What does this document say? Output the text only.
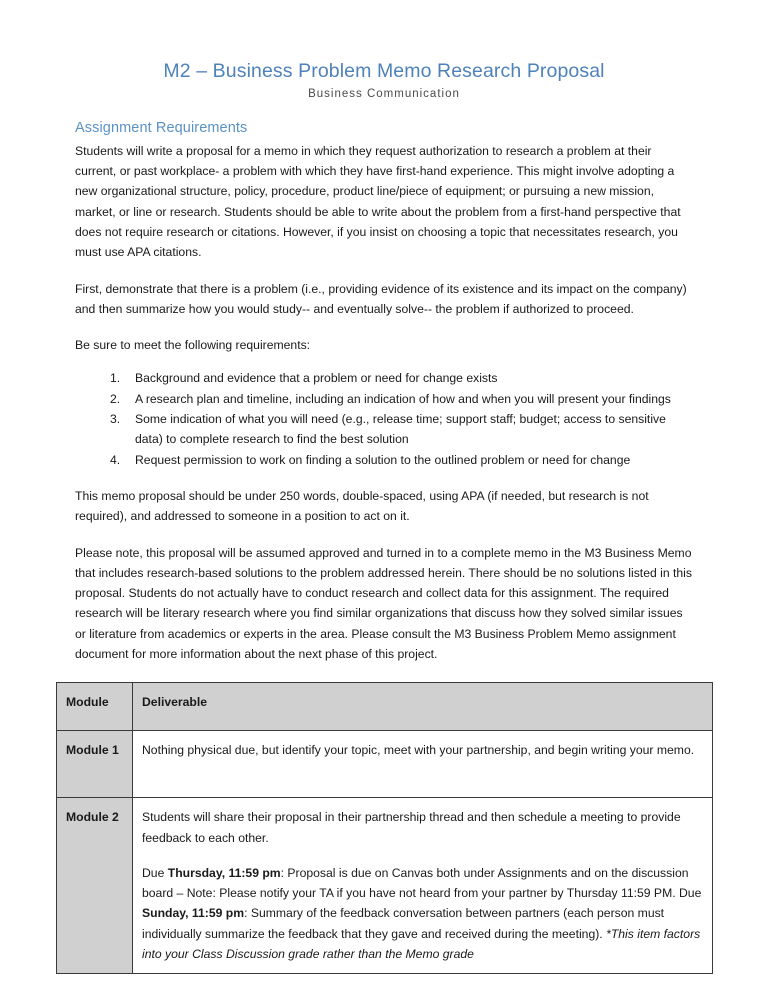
M2 – Business Problem Memo Research Proposal
Business Communication
Assignment Requirements

Students will write a proposal for a memo in which they request authorization to research a problem at their current, or past workplace- a problem with which they have first-hand experience. This might involve adopting a new organizational structure, policy, procedure, product line/piece of equipment; or pursuing a new mission, market, or line or research. Students should be able to write about the problem from a first-hand perspective that does not require research or citations. However, if you insist on choosing a topic that necessitates research, you must use APA citations.

First, demonstrate that there is a problem (i.e., providing evidence of its existence and its impact on the company) and then summarize how you would study-- and eventually solve-- the problem if authorized to proceed.

Be sure to meet the following requirements:

Background and evidence that a problem or need for change exists
A research plan and timeline, including an indication of how and when you will present your findings
Some indication of what you will need (e.g., release time; support staff; budget; access to sensitive data) to complete research to find the best solution
Request permission to work on finding a solution to the outlined problem or need for change

This memo proposal should be under 250 words, double-spaced, using APA (if needed, but research is not required), and addressed to someone in a position to act on it.

Please note, this proposal will be assumed approved and turned in to a complete memo in the M3 Business Memo that includes research-based solutions to the problem addressed herein. There should be no solutions listed in this proposal. Students do not actually have to conduct research and collect data for this assignment. The required research will be literary research where you find similar organizations that discuss how they solved similar issues or literature from academics or experts in the area. Please consult the M3 Business Problem Memo assignment document for more information about the next phase of this project.

Module	Deliverable
Module 1	Nothing physical due, but identify your topic, meet with your partnership, and begin writing your memo.

Module 2	Students will share their proposal in their partnership thread and then schedule a meeting to provide feedback to each other.

Due Thursday, 11:59 pm: Proposal is due on Canvas both under Assignments and on the discussion board – Note: Please notify your TA if you have not heard from your partner by Thursday 11:59 PM. Due Sunday, 11:59 pm: Summary of the feedback conversation between partners (each person must individually summarize the feedback that they gave and received during the meeting). *This item factors into your Class Discussion grade rather than the Memo grade
